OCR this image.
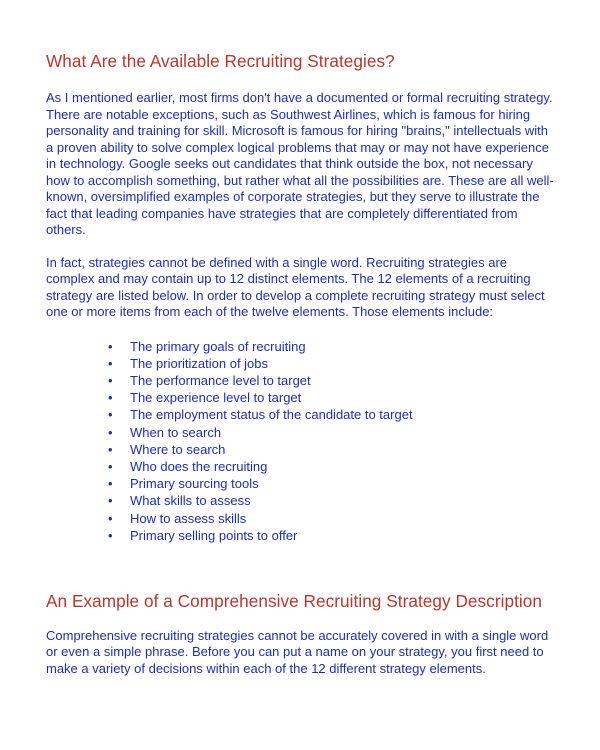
What Are the Available Recruiting Strategies?

As I mentioned earlier, most firms don't have a documented or formal recruiting strategy. There are notable exceptions, such as Southwest Airlines, which is famous for hiring personality and training for skill. Microsoft is famous for hiring "brains," intellectuals with a proven ability to solve complex logical problems that may or may not have experience in technology. Google seeks out candidates that think outside the box, not necessary how to accomplish something, but rather what all the possibilities are. These are all well-known, oversimplified examples of corporate strategies, but they serve to illustrate the fact that leading companies have strategies that are completely differentiated from others.

In fact, strategies cannot be defined with a single word. Recruiting strategies are complex and may contain up to 12 distinct elements. The 12 elements of a recruiting strategy are listed below. In order to develop a complete recruiting strategy must select one or more items from each of the twelve elements. Those elements include:

• The primary goals of recruiting
• The prioritization of jobs
• The performance level to target
• The experience level to target
• The employment status of the candidate to target
• When to search
• Where to search
• Who does the recruiting
• Primary sourcing tools
• What skills to assess
• How to assess skills
• Primary selling points to offer
An Example of a Comprehensive Recruiting Strategy Description

Comprehensive recruiting strategies cannot be accurately covered in with a single word or even a simple phrase. Before you can put a name on your strategy, you first need to make a variety of decisions within each of the 12 different strategy elements.
